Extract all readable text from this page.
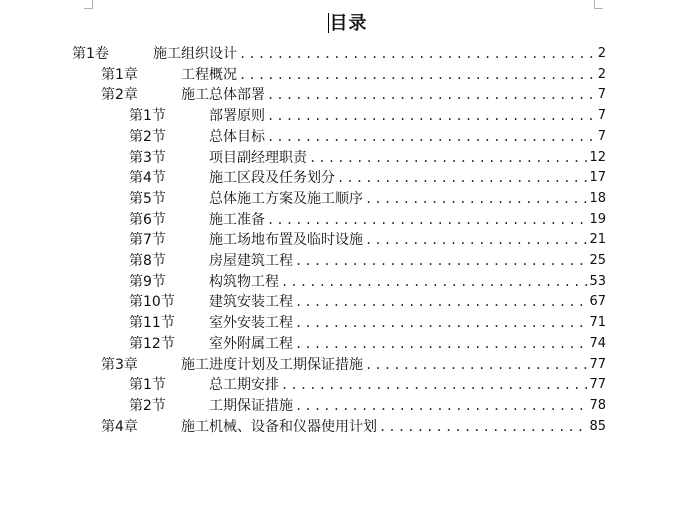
目录
第1卷	施工组织设计 .....	2
第1章	工程概况 .....	2
第2章	施工总体部署 .....	7
第1节	部署原则 .....	7
第2节	总体目标 .....	7
第3节	项目副经理职责 .....	12
第4节	施工区段及任务划分 .....	17
第5节	总体施工方案及施工顺序 .....	18
第6节	施工准备 .....	19
第7节	施工场地布置及临时设施 .....	21
第8节	房屋建筑工程 .....	25
第9节	构筑物工程 .....	53
第10节	建筑安装工程 .....	67
第11节	室外安装工程 .....	71
第12节	室外附属工程 .....	74
第3章	施工进度计划及工期保证措施 .....	77
第1节	总工期安排 .....	77
第2节	工期保证措施 .....	78
第4章	施工机械、设备和仪器使用计划 .....	85
